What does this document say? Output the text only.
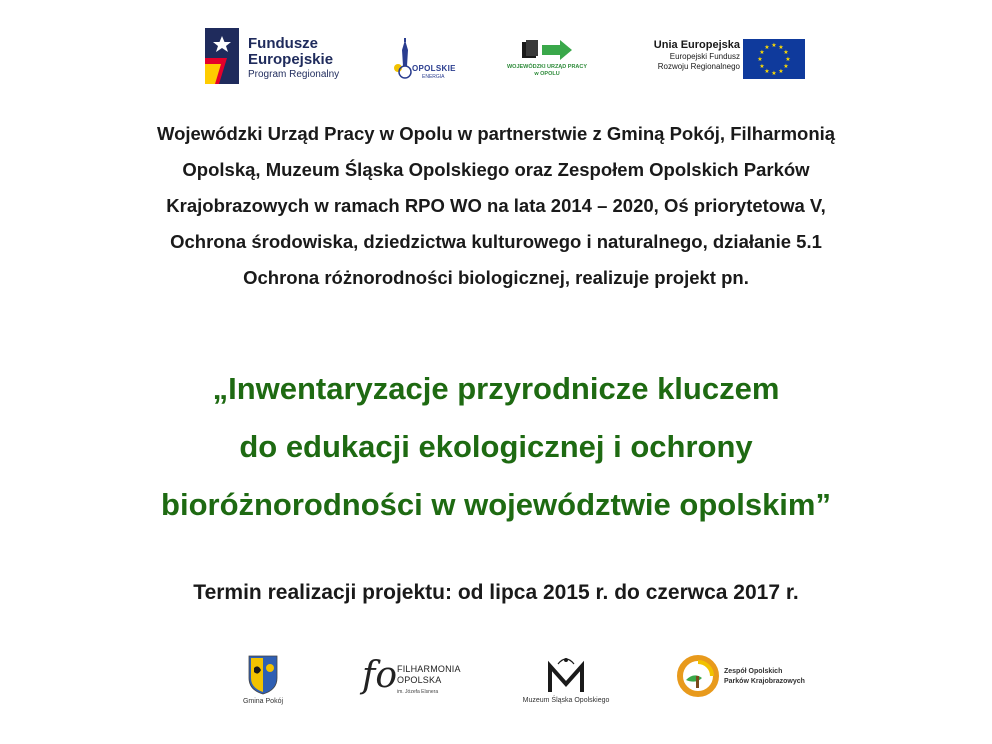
Fundusze
Europejskie
Program Regionalny
OPOLSKIE
ENERGIA
WOJEWÓDZKI URZĄD PRACY
w OPOLU
Unia Europejska
Europejski Fundusz
Rozwoju Regionalnego
★ ★
★
★
★
★
★
★
★
★
★
★
Wojewódzki Urząd Pracy w Opolu w partnerstwie z Gminą Pokój, Filharmonią
Opolską, Muzeum Śląska Opolskiego oraz Zespołem Opolskich Parków
Krajobrazowych w ramach RPO WO na lata 2014 – 2020, Oś priorytetowa V,
Ochrona środowiska, dziedzictwa kulturowego i naturalnego, działanie 5.1
Ochrona różnorodności biologicznej, realizuje projekt pn.
„Inwentaryzacje przyrodnicze kluczem
do edukacji ekologicznej i ochrony
bioróżnorodności w województwie opolskim”
Termin realizacji projektu: od lipca 2015 r. do czerwca 2017 r.
Gmina Pokój
fo FILHARMONIA
OPOLSKA
im. Józefa Elsnera
Muzeum Śląska Opolskiego
Zespół Opolskich
Parków Krajobrazowych
